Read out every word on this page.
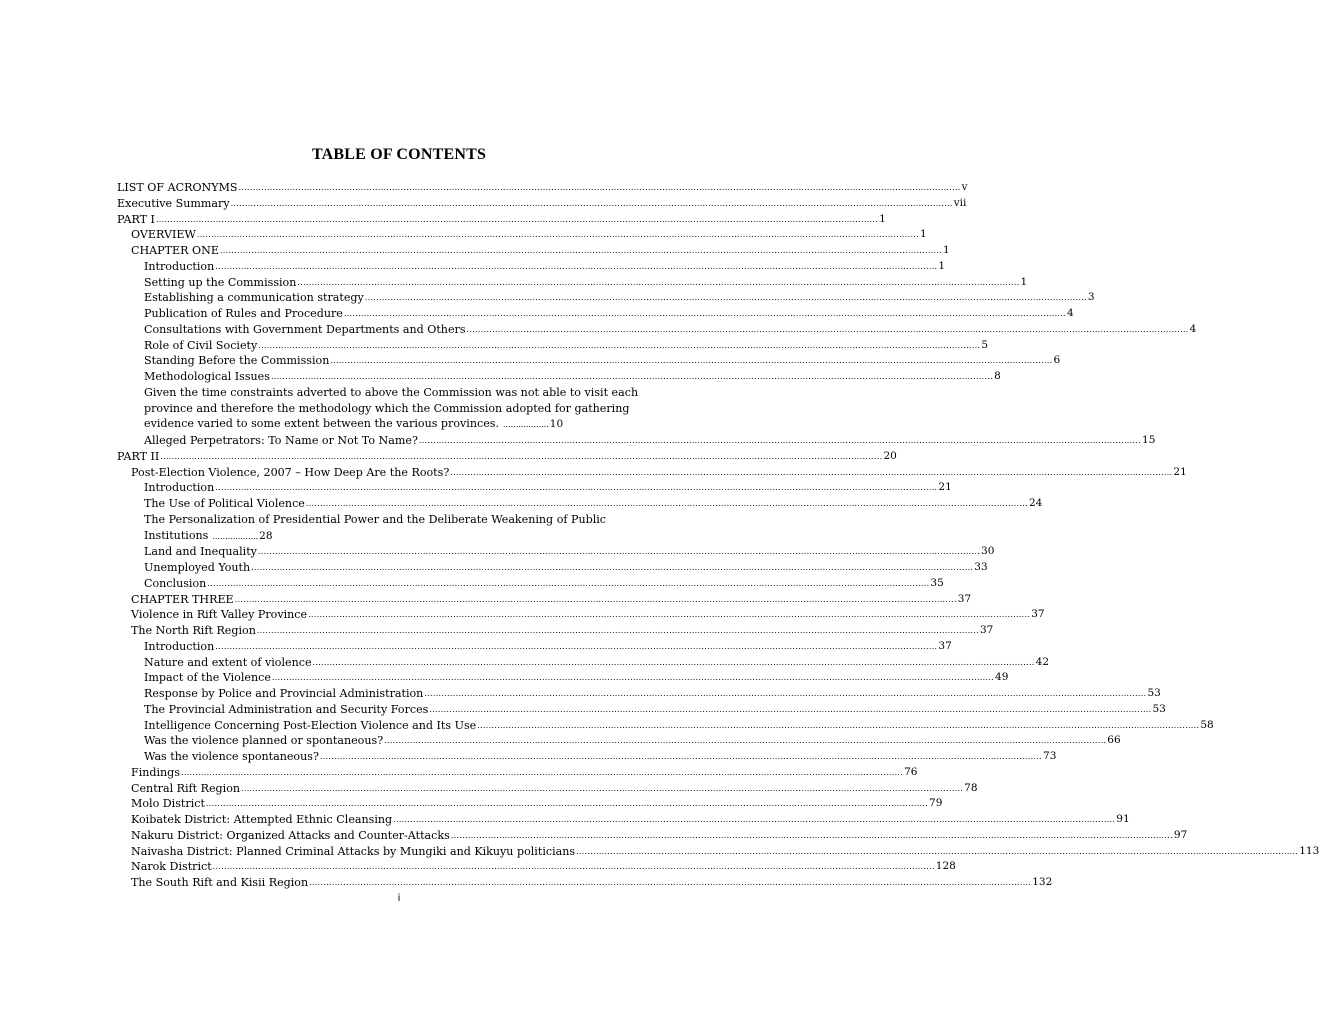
TABLE OF CONTENTS
LIST OF ACRONYMS .....	v
Executive Summary .....	vii
PART I .....	1
OVERVIEW .....	1
CHAPTER ONE .....	1
Introduction .....	1
Setting up the Commission .....	1
Establishing a communication strategy .....	3
Publication of Rules and Procedure .....	4
Consultations with Government Departments and Others .....	4
Role of Civil Society .....	5
Standing Before the Commission .....	6
Methodological Issues .....	8
Given the time constraints adverted to above the Commission was not able to visit each province and therefore the methodology which the Commission adopted for gathering evidence varied to some extent between the various provinces. ..................10
Alleged Perpetrators: To Name or Not To Name? .....	15
PART II .....	20
Post-Election Violence, 2007 – How Deep Are the Roots? .....	21
Introduction .....	21
The Use of Political Violence .....	24
The Personalization of Presidential Power and the Deliberate Weakening of Public Institutions ..................28
Land and Inequality .....	30
Unemployed Youth .....	33
Conclusion .....	35
CHAPTER THREE .....	37
Violence in Rift Valley Province .....	37
The North Rift Region .....	37
Introduction .....	37
Nature and extent of violence .....	42
Impact of the Violence .....	49
Response by Police and Provincial Administration .....	53
The Provincial Administration and Security Forces .....	53
Intelligence Concerning Post-Election Violence and Its Use .....	58
Was the violence planned or spontaneous? .....	66
Was the violence spontaneous? .....	73
Findings .....	76
Central Rift Region .....	78
Molo District .....	79
Koibatek District: Attempted Ethnic Cleansing .....	91
Nakuru District: Organized Attacks and Counter-Attacks .....	97
Naivasha District: Planned Criminal Attacks by Mungiki and Kikuyu politicians .....	113
Narok District .....	128
The South Rift and Kisii Region .....	132
i
